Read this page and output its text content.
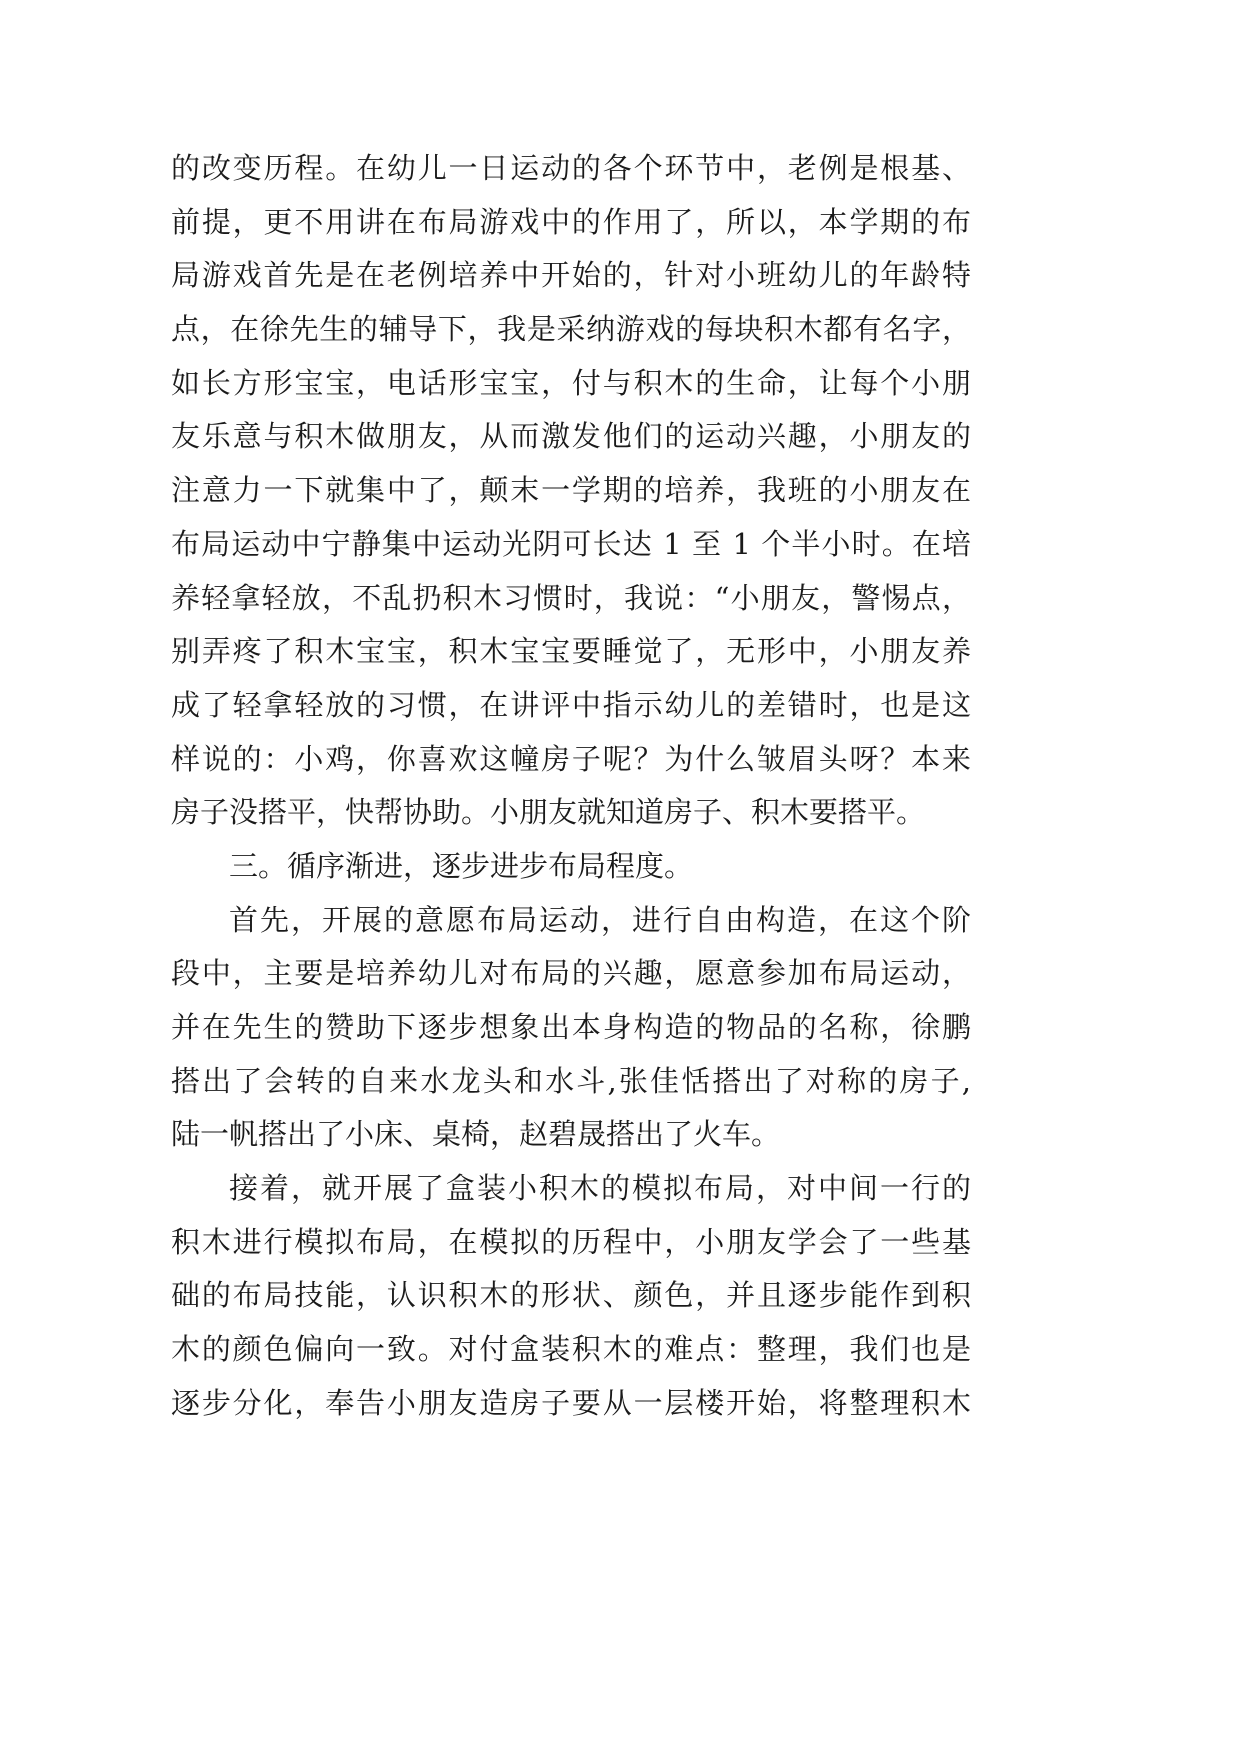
的改变历程。在幼儿一日运动的各个环节中，老例是根基、
前提，更不用讲在布局游戏中的作用了，所以，本学期的布
局游戏首先是在老例培养中开始的，针对小班幼儿的年龄特
点，在徐先生的辅导下，我是采纳游戏的每块积木都有名字，
如长方形宝宝，电话形宝宝，付与积木的生命，让每个小朋
友乐意与积木做朋友，从而激发他们的运动兴趣，小朋友的
注意力一下就集中了，颠末一学期的培养，我班的小朋友在
布局运动中宁静集中运动光阴可长达 1 至 1 个半小时。在培
养轻拿轻放，不乱扔积木习惯时，我说：“小朋友，警惕点，
别弄疼了积木宝宝，积木宝宝要睡觉了，无形中，小朋友养
成了轻拿轻放的习惯，在讲评中指示幼儿的差错时，也是这
样说的：小鸡，你喜欢这幢房子呢？为什么皱眉头呀？本来
房子没搭平，快帮协助。小朋友就知道房子、积木要搭平。
三。循序渐进，逐步进步布局程度。
首先，开展的意愿布局运动，进行自由构造，在这个阶
段中，主要是培养幼儿对布局的兴趣，愿意参加布局运动，
并在先生的赞助下逐步想象出本身构造的物品的名称，徐鹏
搭出了会转的自来水龙头和水斗,张佳恬搭出了对称的房子,
陆一帆搭出了小床、桌椅，赵碧晟搭出了火车。
接着，就开展了盒装小积木的模拟布局，对中间一行的
积木进行模拟布局，在模拟的历程中，小朋友学会了一些基
础的布局技能，认识积木的形状、颜色，并且逐步能作到积
木的颜色偏向一致。对付盒装积木的难点：整理，我们也是
逐步分化，奉告小朋友造房子要从一层楼开始，将整理积木
